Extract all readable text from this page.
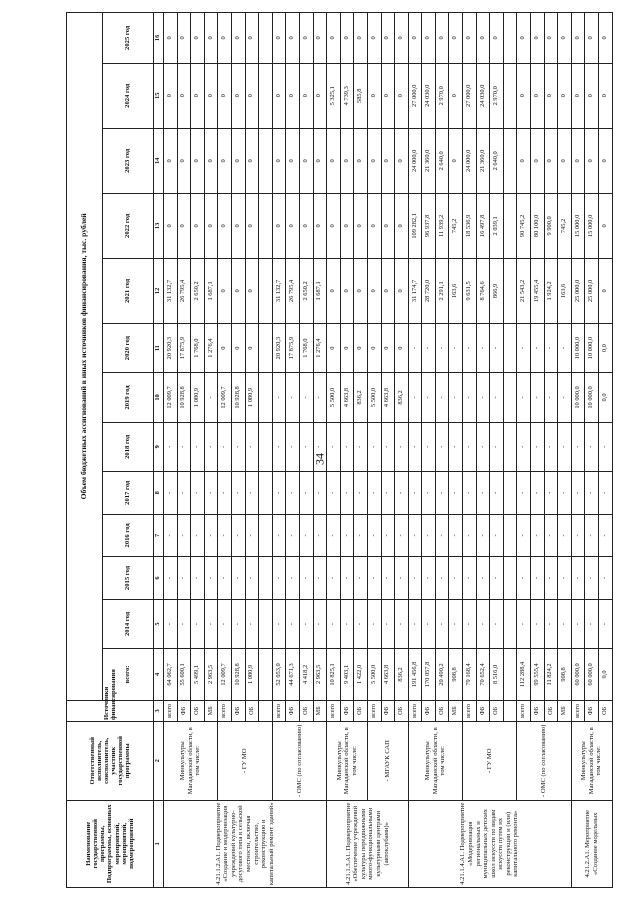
34
Наименование государственной программы, Подпрограммы, основных мероприятий, мероприятий, подмероприятий	Ответственный исполнитель, соисполнитель, участник государственной программы	Источники финансирования	Объем бюджетных ассигнований в иных источников финансирования, тыс. рублей												
			всего:	2014 год	2015 год	2016 год	2017 год	2018 год	2019 год	2020 год	2021 год	2022 год	2023 год	2024 год	2025 год
1	2	3	4	5	6	7	8	9	10	11	12	13	14	15	16
4.21.1.2.А1. Подмероприятие «Создание и модернизация учреждений культурно-досугового типа в сельской местности, включая строительство, реконструкцию и капитальный ремонт зданий»	Минкультуры Магаданской области, в том числе:	всего	64 062,7	-	-	-	-	-	12 009,7	20 920,3	31 132,7	0	0	0	0
		ФБ	55 600,1	-	-	-	-	-	10 928,8	17 875,9	26 795,4	0	0	0	0
		ОБ	5 499,1	-	-	-	-	-	1 080,9	1 768,0	2 650,2	0	0	0	0
		МБ	2 963,5	-	-	-	-	-	-	1 276,4	1 687,1	0	0	0	0
	- ГУ МО	всего	12 009,7	-	-	-	-	-	12 009,7	0	0	0	0	0	0
		ФБ	10 928,8	-	-	-	-	-	10 928,8	0	0	0	0	0	0
		ОБ	1 080,9	-	-	-	-	-	1 080,9	0	0	0	0	0	0

	- ОМС (по согласованию)	всего	52 053,0	-	-	-	-	-	-	20 920,3	31 132,7	0	0	0	0
		ФБ	44 671,3	-	-	-	-	-	-	17 875,9	26 795,4	0	0	0	0
		ОБ	4 418,2	-	-	-	-	-	-	1 768,0	2 650,2	0	0	0	0
		МБ	2 963,5	-	-	-	-	-	-	1 276,4	1 687,1	0	0	0	0
4.21.1.3.А1. Подмероприятие «Обеспечение учреждений культуры передвижными много-функциональными культурными центрами (автоклубами)»	Минкультуры Магаданской области, в том числе:	всего	10 825,1	-	-	-	-	-	5 500,0	0	0	0	0	5 325,1	0
		ФБ	9 403,1	-	-	-	-	-	4 663,8	0	0	0	0	4 739,3	0
		ОБ	1 422,0	-	-	-	-	-	836,2	0	0	0	0	585,8	0
	- МГАУК САП	всего	5 500,0	-	-	-	-	-	5 500,0	0	0	0	0	0	0
		ФБ	4 663,8	-	-	-	-	-	4 663,8	0	0	0	0	0	0
		ОБ	836,2	-	-	-	-	-	836,2	0	0	0	0	0	0
4.21.1.4.А1. Подмероприятие «Модернизация региональных и муниципальных детских школ искусств по видам искусств путем их реконструкции и (или) капитального ремонта»	Минкультуры Магаданской области, в том числе:	всего	191 456,8	-	-	-	-	-	-	-	31 174,7	109 282,1	24 000,0	27 000,0	0
		ФБ	170 057,8	-	-	-	-	-	-	-	28 720,0	96 937,8	21 360,0	24 030,0	0
		ОБ	20 490,2	-	-	-	-	-	-	-	2 291,1	11 939,2	2 640,0	2 970,0	0
		МБ	908,8	-	-	-	-	-	-	-	163,6	745,2	0	0	0
	- ГУ МО	всего	79 168,4	-	-	-	-	-	-	-	9 631,5	18 536,9	24 000,0	27 000,0	0
		ФБ	70 652,4	-	-	-	-	-	-	-	8 764,6	16 497,8	21 360,0	24 030,0	0
		ОБ	8 516,0	-	-	-	-	-	-	-	866,9	2 039,1	2 640,0	2 970,0	0

	- ОМС (по согласованию)	всего	112 288,4	-	-	-	-	-	-	-	21 543,2	90 745,2	0	0	0
		ФБ	99 555,4	-	-	-	-	-	-	-	19 455,4	80 100,0	0	0	0
		ОБ	11 824,2	-	-	-	-	-	-	-	1 924,2	9 900,0	0	0	0
		МБ	908,8	-	-	-	-	-	-	-	163,6	745,2	0	0	0
4.21.2.А1. Мероприятие «Создание модельных	Минкультуры Магаданской области, в том числе:	всего	60 000,0	-	-	-	-	-	10 000,0	10 000,0	25 000,0	15 000,0	0	0	0
		ФБ	60 000,0	-	-	-	-	-	10 000,0	10 000,0	25 000,0	15 000,0	0	0	0
		ОБ	0,0	-	-	-	-	-	0,0	0,0	0	0	0	0	0
